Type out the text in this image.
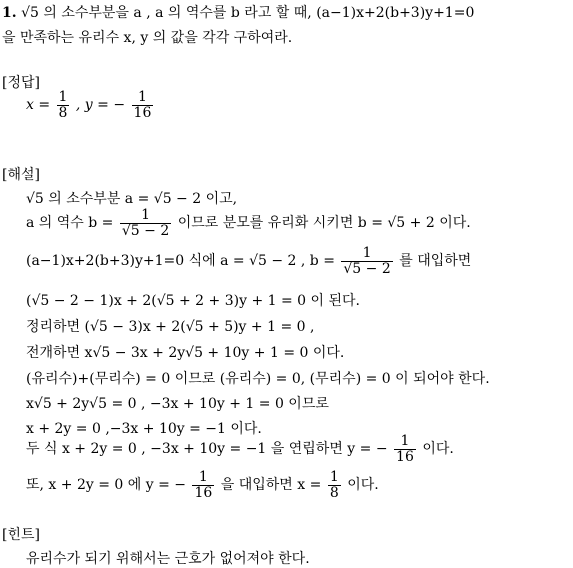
1. √5 의 소수부분을 a , a 의 역수를 b 라고 할 때, (a−1)x+2(b+3)y+1=0
을 만족하는 유리수 x, y 의 값을 각각 구하여라.
[정답]
$x = \frac{1}{8}$ , y = − $\frac{1}{16}$
[해설]
√5 의 소수부분 a = √5 − 2 이고,
a 의 역수 $b = \frac{1}{√5 - 2}$ 이므로 분모를 유리화 시키면 b = √5 + 2 이다.
(a−1)x+2(b+3)y+1=0 식에 a = √5 − 2 , $b = \frac{1}{√5 - 2}$ 를 대입하면
(√5 − 2 − 1)x + 2(√5 + 2 + 3)y + 1 = 0 이 된다.
정리하면 (√5 − 3)x + 2(√5 + 5)y + 1 = 0 ,
전개하면 x√5 − 3x + 2y√5 + 10y + 1 = 0 이다.
(유리수)+(무리수) = 0 이므로 (유리수) = 0, (무리수) = 0 이 되어야 한다.
x√5 + 2y√5 = 0 , −3x + 10y + 1 = 0 이므로
x + 2y = 0 ,−3x + 10y = −1 이다.
두 식 x + 2y = 0 , −3x + 10y = −1 을 연립하면 y = − $\frac{1}{16}$ 이다.
또, x + 2y = 0 에 y = − $\frac{1}{16}$ 을 대입하면 $x = \frac{1}{8}$ 이다.
[힌트]
유리수가 되기 위해서는 근호가 없어져야 한다.
